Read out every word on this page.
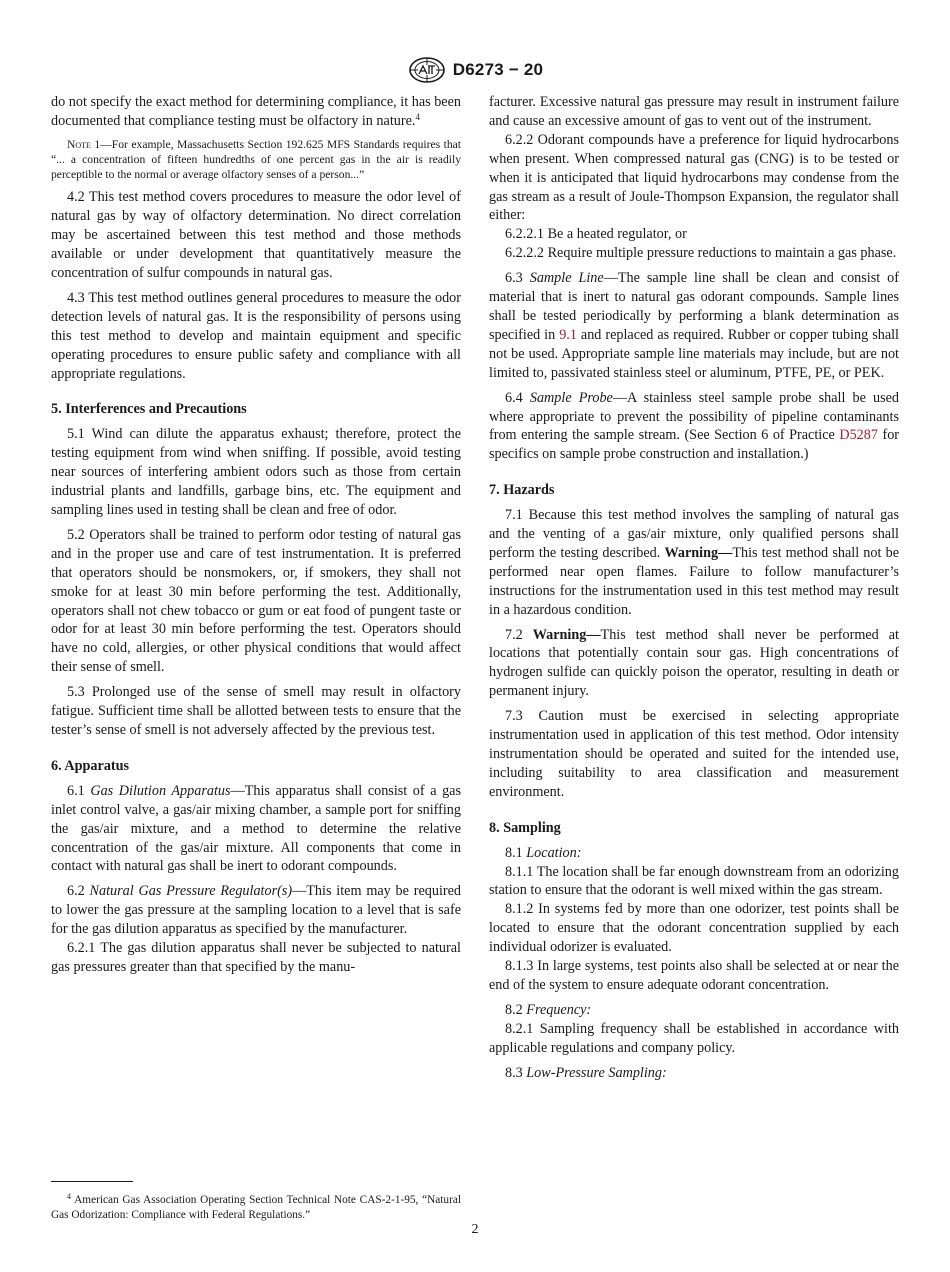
D6273 − 20

do not specify the exact method for determining compliance, it has been documented that compliance testing must be olfactory in nature.$^4$

Note 1—For example, Massachusetts Section 192.625 MFS Standards requires that “... a concentration of fifteen hundredths of one percent gas in the air is readily perceptible to the normal or average olfactory senses of a person...”

4.2 This test method covers procedures to measure the odor level of natural gas by way of olfactory determination. No direct correlation may be ascertained between this test method and those methods available or under development that quantitatively measure the concentration of sulfur compounds in natural gas.

4.3 This test method outlines general procedures to measure the odor detection levels of natural gas. It is the responsibility of persons using this test method to develop and maintain equipment and specific operating procedures to ensure public safety and compliance with all appropriate regulations.

5. Interferences and Precautions

5.1 Wind can dilute the apparatus exhaust; therefore, protect the testing equipment from wind when sniffing. If possible, avoid testing near sources of interfering ambient odors such as those from certain industrial plants and landfills, garbage bins, etc. The equipment and sampling lines used in testing shall be clean and free of odor.

5.2 Operators shall be trained to perform odor testing of natural gas and in the proper use and care of test instrumentation. It is preferred that operators should be nonsmokers, or, if smokers, they shall not smoke for at least 30 min before performing the test. Additionally, operators shall not chew tobacco or gum or eat food of pungent taste or odor for at least 30 min before performing the test. Operators should have no cold, allergies, or other physical conditions that would affect their sense of smell.

5.3 Prolonged use of the sense of smell may result in olfactory fatigue. Sufficient time shall be allotted between tests to ensure that the tester’s sense of smell is not adversely affected by the previous test.

6. Apparatus

6.1 Gas Dilution Apparatus—This apparatus shall consist of a gas inlet control valve, a gas/air mixing chamber, a sample port for sniffing the gas/air mixture, and a method to determine the relative concentration of the gas/air mixture. All components that come in contact with natural gas shall be inert to odorant compounds.

6.2 Natural Gas Pressure Regulator(s)—This item may be required to lower the gas pressure at the sampling location to a level that is safe for the gas dilution apparatus as specified by the manufacturer.

6.2.1 The gas dilution apparatus shall never be subjected to natural gas pressures greater than that specified by the manu-

facturer. Excessive natural gas pressure may result in instrument failure and cause an excessive amount of gas to vent out of the instrument.

6.2.2 Odorant compounds have a preference for liquid hydrocarbons when present. When compressed natural gas (CNG) is to be tested or when it is anticipated that liquid hydrocarbons may condense from the gas stream as a result of Joule-Thompson Expansion, the regulator shall either:

6.2.2.1 Be a heated regulator, or

6.2.2.2 Require multiple pressure reductions to maintain a gas phase.

6.3 Sample Line—The sample line shall be clean and consist of material that is inert to natural gas odorant compounds. Sample lines shall be tested periodically by performing a blank determination as specified in 9.1 and replaced as required. Rubber or copper tubing shall not be used. Appropriate sample line materials may include, but are not limited to, passivated stainless steel or aluminum, PTFE, PE, or PEK.

6.4 Sample Probe—A stainless steel sample probe shall be used where appropriate to prevent the possibility of pipeline contaminants from entering the sample stream. (See Section 6 of Practice D5287 for specifics on sample probe construction and installation.)

7. Hazards

7.1 Because this test method involves the sampling of natural gas and the venting of a gas/air mixture, only qualified persons shall perform the testing described. Warning—This test method shall not be performed near open flames. Failure to follow manufacturer’s instructions for the instrumentation used in this test method may result in a hazardous condition.

7.2 Warning—This test method shall never be performed at locations that potentially contain sour gas. High concentrations of hydrogen sulfide can quickly poison the operator, resulting in death or permanent injury.

7.3 Caution must be exercised in selecting appropriate instrumentation used in application of this test method. Odor intensity instrumentation should be operated and suited for the intended use, including suitability to area classification and measurement environment.

8. Sampling

8.1 Location:

8.1.1 The location shall be far enough downstream from an odorizing station to ensure that the odorant is well mixed within the gas stream.

8.1.2 In systems fed by more than one odorizer, test points shall be located to ensure that the odorant concentration supplied by each individual odorizer is evaluated.

8.1.3 In large systems, test points also shall be selected at or near the end of the system to ensure adequate odorant concentration.

8.2 Frequency:

8.2.1 Sampling frequency shall be established in accordance with applicable regulations and company policy.

8.3 Low-Pressure Sampling:

$^4$ American Gas Association Operating Section Technical Note CAS-2-1-95, “Natural Gas Odorization: Compliance with Federal Regulations.”
2
